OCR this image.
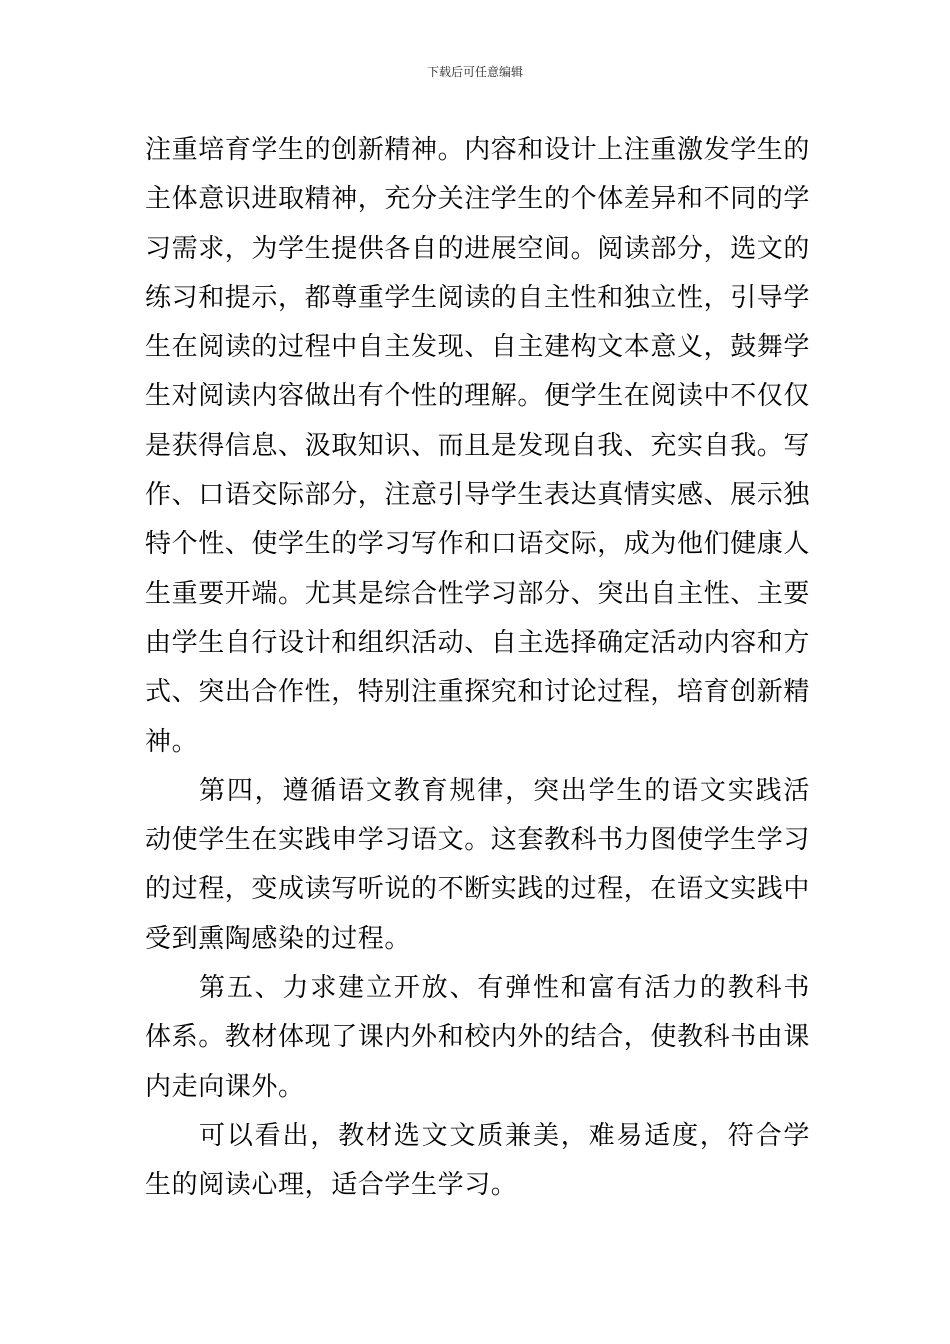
下载后可任意编辑

注重培育学生的创新精神。内容和设计上注重激发学生的主体意识进取精神，充分关注学生的个体差异和不同的学习需求，为学生提供各自的进展空间。阅读部分，选文的练习和提示，都尊重学生阅读的自主性和独立性，引导学生在阅读的过程中自主发现、自主建构文本意义，鼓舞学生对阅读内容做出有个性的理解。便学生在阅读中不仅仅是获得信息、汲取知识、而且是发现自我、充实自我。写作、口语交际部分，注意引导学生表达真情实感、展示独特个性、使学生的学习写作和口语交际，成为他们健康人生重要开端。尤其是综合性学习部分、突出自主性、主要由学生自行设计和组织活动、自主选择确定活动内容和方式、突出合作性，特别注重探究和讨论过程，培育创新精神。

第四，遵循语文教育规律，突出学生的语文实践活动使学生在实践申学习语文。这套教科书力图使学生学习的过程，变成读写听说的不断实践的过程，在语文实践中受到熏陶感染的过程。

第五、力求建立开放、有弹性和富有活力的教科书体系。教材体现了课内外和校内外的结合，使教科书由课内走向课外。

可以看出，教材选文文质兼美，难易适度，符合学生的阅读心理，适合学生学习。
